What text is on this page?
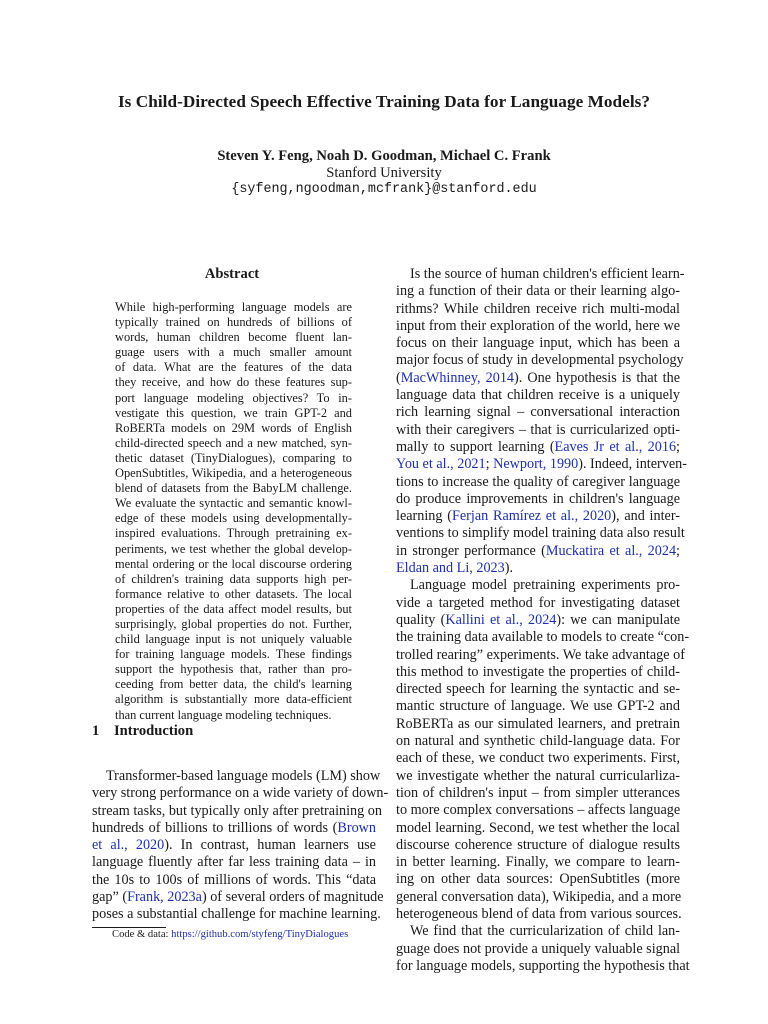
Is Child-Directed Speech Effective Training Data for Language Models?
Steven Y. Feng, Noah D. Goodman, Michael C. Frank
Stanford University
{syfeng,ngoodman,mcfrank}@stanford.edu
Abstract
While high-performing language models are
typically trained on hundreds of billions of
words, human children become fluent lan-
guage users with a much smaller amount
of data. What are the features of the data
they receive, and how do these features sup-
port language modeling objectives? To in-
vestigate this question, we train GPT-2 and
RoBERTa models on 29M words of English
child-directed speech and a new matched, syn-
thetic dataset (TinyDialogues), comparing to
OpenSubtitles, Wikipedia, and a heterogeneous
blend of datasets from the BabyLM challenge.
We evaluate the syntactic and semantic knowl-
edge of these models using developmentally-
inspired evaluations. Through pretraining ex-
periments, we test whether the global develop-
mental ordering or the local discourse ordering
of children's training data supports high per-
formance relative to other datasets. The local
properties of the data affect model results, but
surprisingly, global properties do not. Further,
child language input is not uniquely valuable
for training language models. These findings
support the hypothesis that, rather than pro-
ceeding from better data, the child's learning
algorithm is substantially more data-efficient
than current language modeling techniques.
1 Introduction
Transformer-based language models (LM) show
very strong performance on a wide variety of down-
stream tasks, but typically only after pretraining on
hundreds of billions to trillions of words (Brown
et al., 2020). In contrast, human learners use
language fluently after far less training data – in
the 10s to 100s of millions of words. This “data
gap” (Frank, 2023a) of several orders of magnitude
poses a substantial challenge for machine learning.
Is the source of human children's efficient learn-
ing a function of their data or their learning algo-
rithms? While children receive rich multi-modal
input from their exploration of the world, here we
focus on their language input, which has been a
major focus of study in developmental psychology
(MacWhinney, 2014). One hypothesis is that the
language data that children receive is a uniquely
rich learning signal – conversational interaction
with their caregivers – that is curricularized opti-
mally to support learning (Eaves Jr et al., 2016;
You et al., 2021; Newport, 1990). Indeed, interven-
tions to increase the quality of caregiver language
do produce improvements in children's language
learning (Ferjan Ramírez et al., 2020), and inter-
ventions to simplify model training data also result
in stronger performance (Muckatira et al., 2024;
Eldan and Li, 2023).
Language model pretraining experiments pro-
vide a targeted method for investigating dataset
quality (Kallini et al., 2024): we can manipulate
the training data available to models to create “con-
trolled rearing” experiments. We take advantage of
this method to investigate the properties of child-
directed speech for learning the syntactic and se-
mantic structure of language. We use GPT-2 and
RoBERTa as our simulated learners, and pretrain
on natural and synthetic child-language data. For
each of these, we conduct two experiments. First,
we investigate whether the natural curricularliza-
tion of children's input – from simpler utterances
to more complex conversations – affects language
model learning. Second, we test whether the local
discourse coherence structure of dialogue results
in better learning. Finally, we compare to learn-
ing on other data sources: OpenSubtitles (more
general conversation data), Wikipedia, and a more
heterogeneous blend of data from various sources.
We find that the curricularization of child lan-
guage does not provide a uniquely valuable signal
for language models, supporting the hypothesis that
Code & data: https://github.com/styfeng/TinyDialogues
